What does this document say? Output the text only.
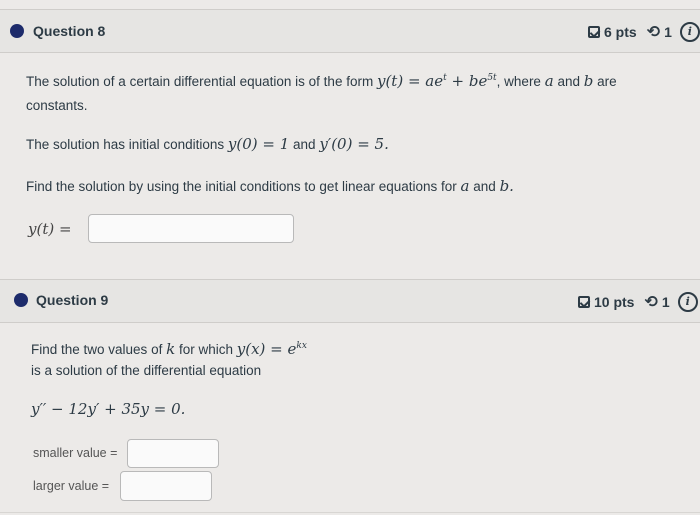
Question 8	6 pts ⟲ 1	i
The solution of a certain differential equation is of the form $y(t) = ae^t + be^{5t}$, where a and b are
constants.
The solution has initial conditions y(0) = 1 and y′(0) = 5.
Find the solution by using the initial conditions to get linear equations for a and b.
y(t) =
Question 9	10 pts ⟲ 1	i
Find the two values of k for which $y(x) = e^{kx}$
is a solution of the differential equation
y′′ − 12y′ + 35y = 0.
smaller value =
larger value =
